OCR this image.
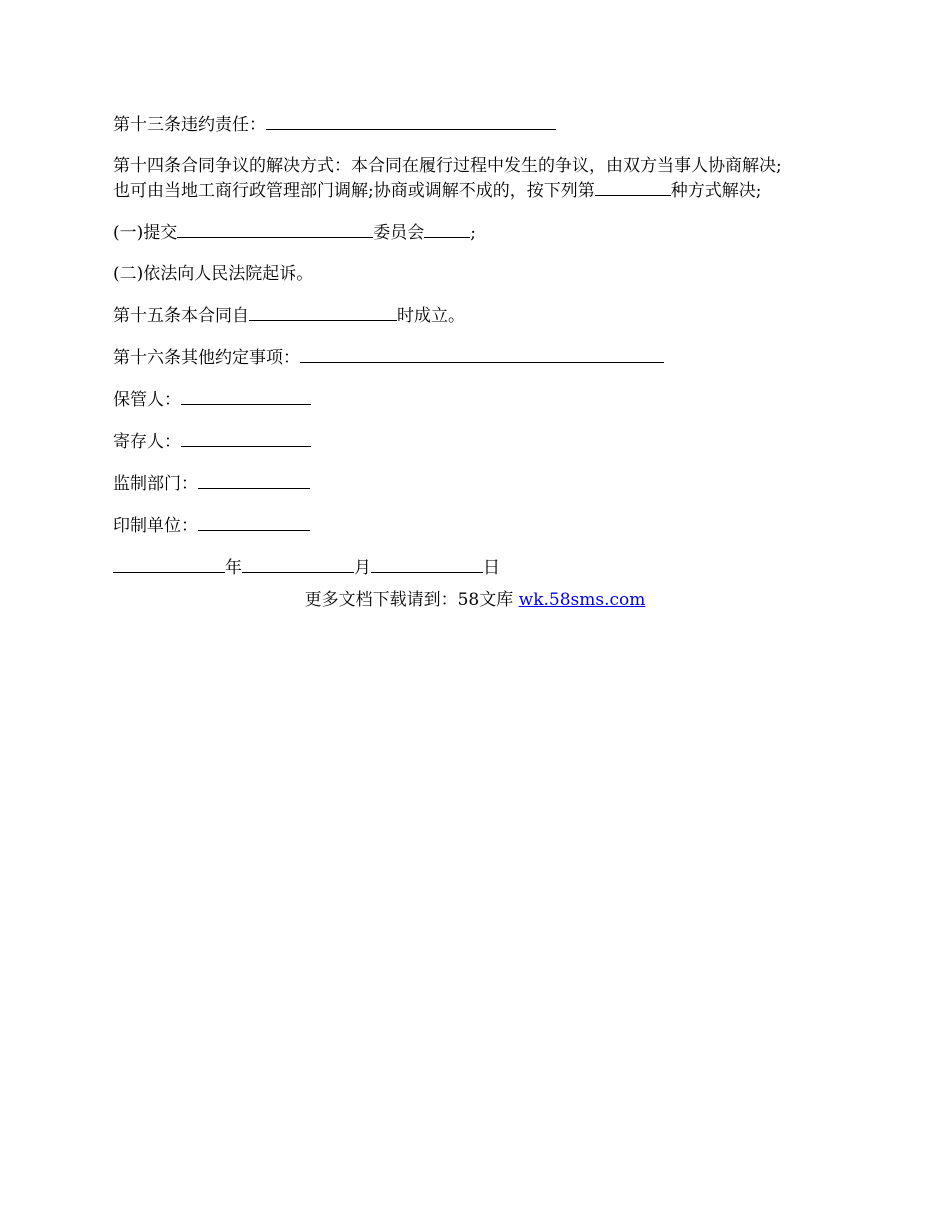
第十三条违约责任：

第十四条合同争议的解决方式：本合同在履行过程中发生的争议，由双方当事人协商解决;
也可由当地工商行政管理部门调解;协商或调解不成的，按下列第	种方式解决;

(一)提交	委员会	;

(二)依法向人民法院起诉。

第十五条本合同自	时成立。

第十六条其他约定事项：

保管人：

寄存人：

监制部门：

印制单位：

年	月	日

更多文档下载请到：58文库 wk.58sms.com
